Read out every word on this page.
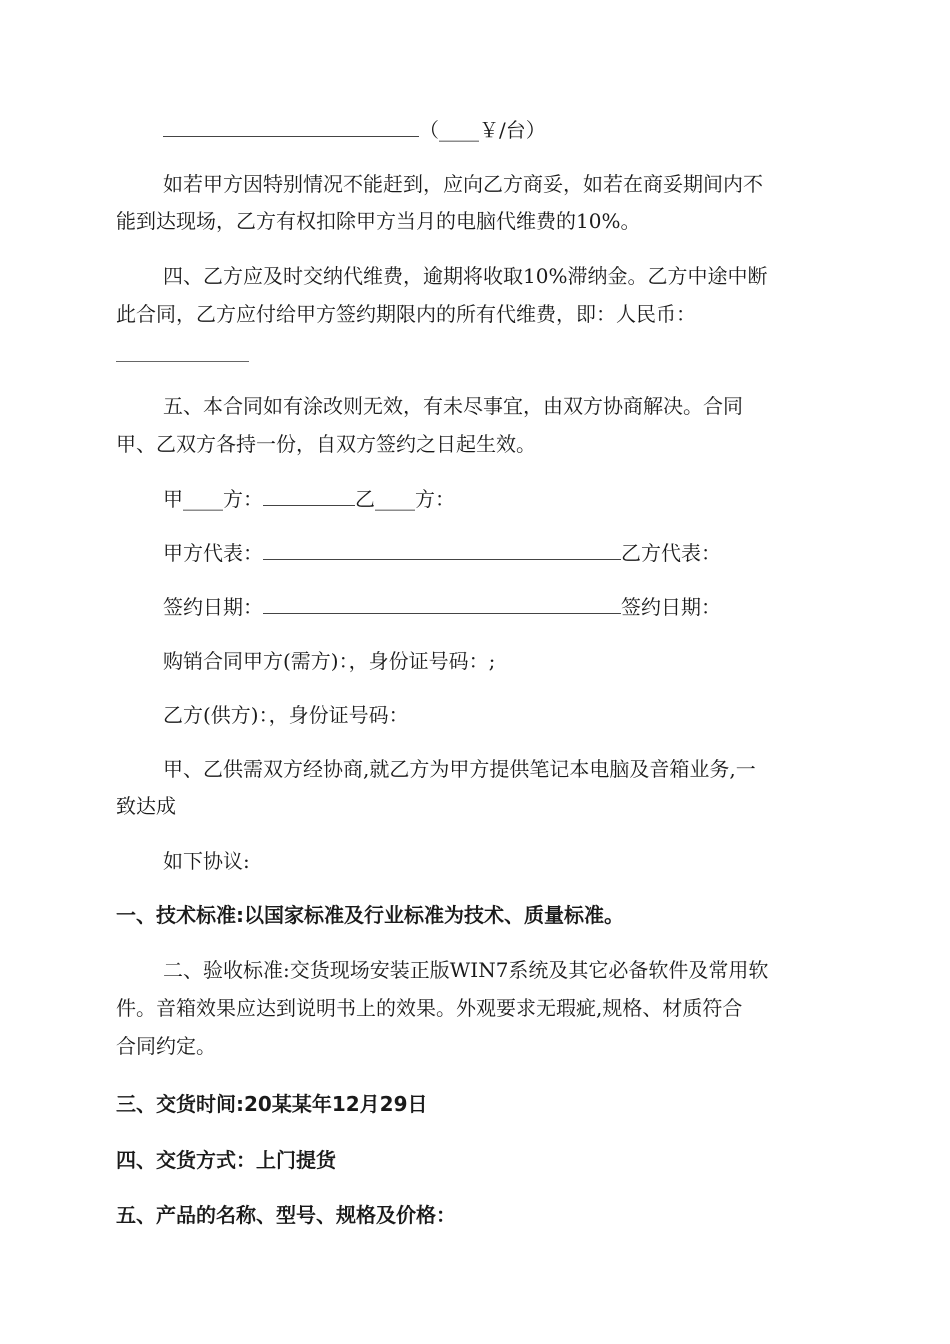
（____￥/台）
如若甲方因特别情况不能赶到，应向乙方商妥，如若在商妥期间内不
能到达现场，乙方有权扣除甲方当月的电脑代维费的10%。
四、乙方应及时交纳代维费，逾期将收取10%滞纳金。乙方中途中断
此合同，乙方应付给甲方签约期限内的所有代维费，即：人民币：
五、本合同如有涂改则无效，有未尽事宜，由双方协商解决。合同
甲、乙双方各持一份，自双方签约之日起生效。
甲____方：	乙____方：
甲方代表：	乙方代表：
签约日期：	签约日期：
购销合同甲方(需方)：，身份证号码：;
乙方(供方)：，身份证号码：
甲、乙供需双方经协商,就乙方为甲方提供笔记本电脑及音箱业务,一
致达成
如下协议:
一、技术标准:以国家标准及行业标准为技术、质量标准。
二、验收标准:交货现场安装正版WIN7系统及其它必备软件及常用软
件。音箱效果应达到说明书上的效果。外观要求无瑕疵,规格、材质符合
合同约定。
三、交货时间:20某某年12月29日
四、交货方式：上门提货
五、产品的名称、型号、规格及价格：
